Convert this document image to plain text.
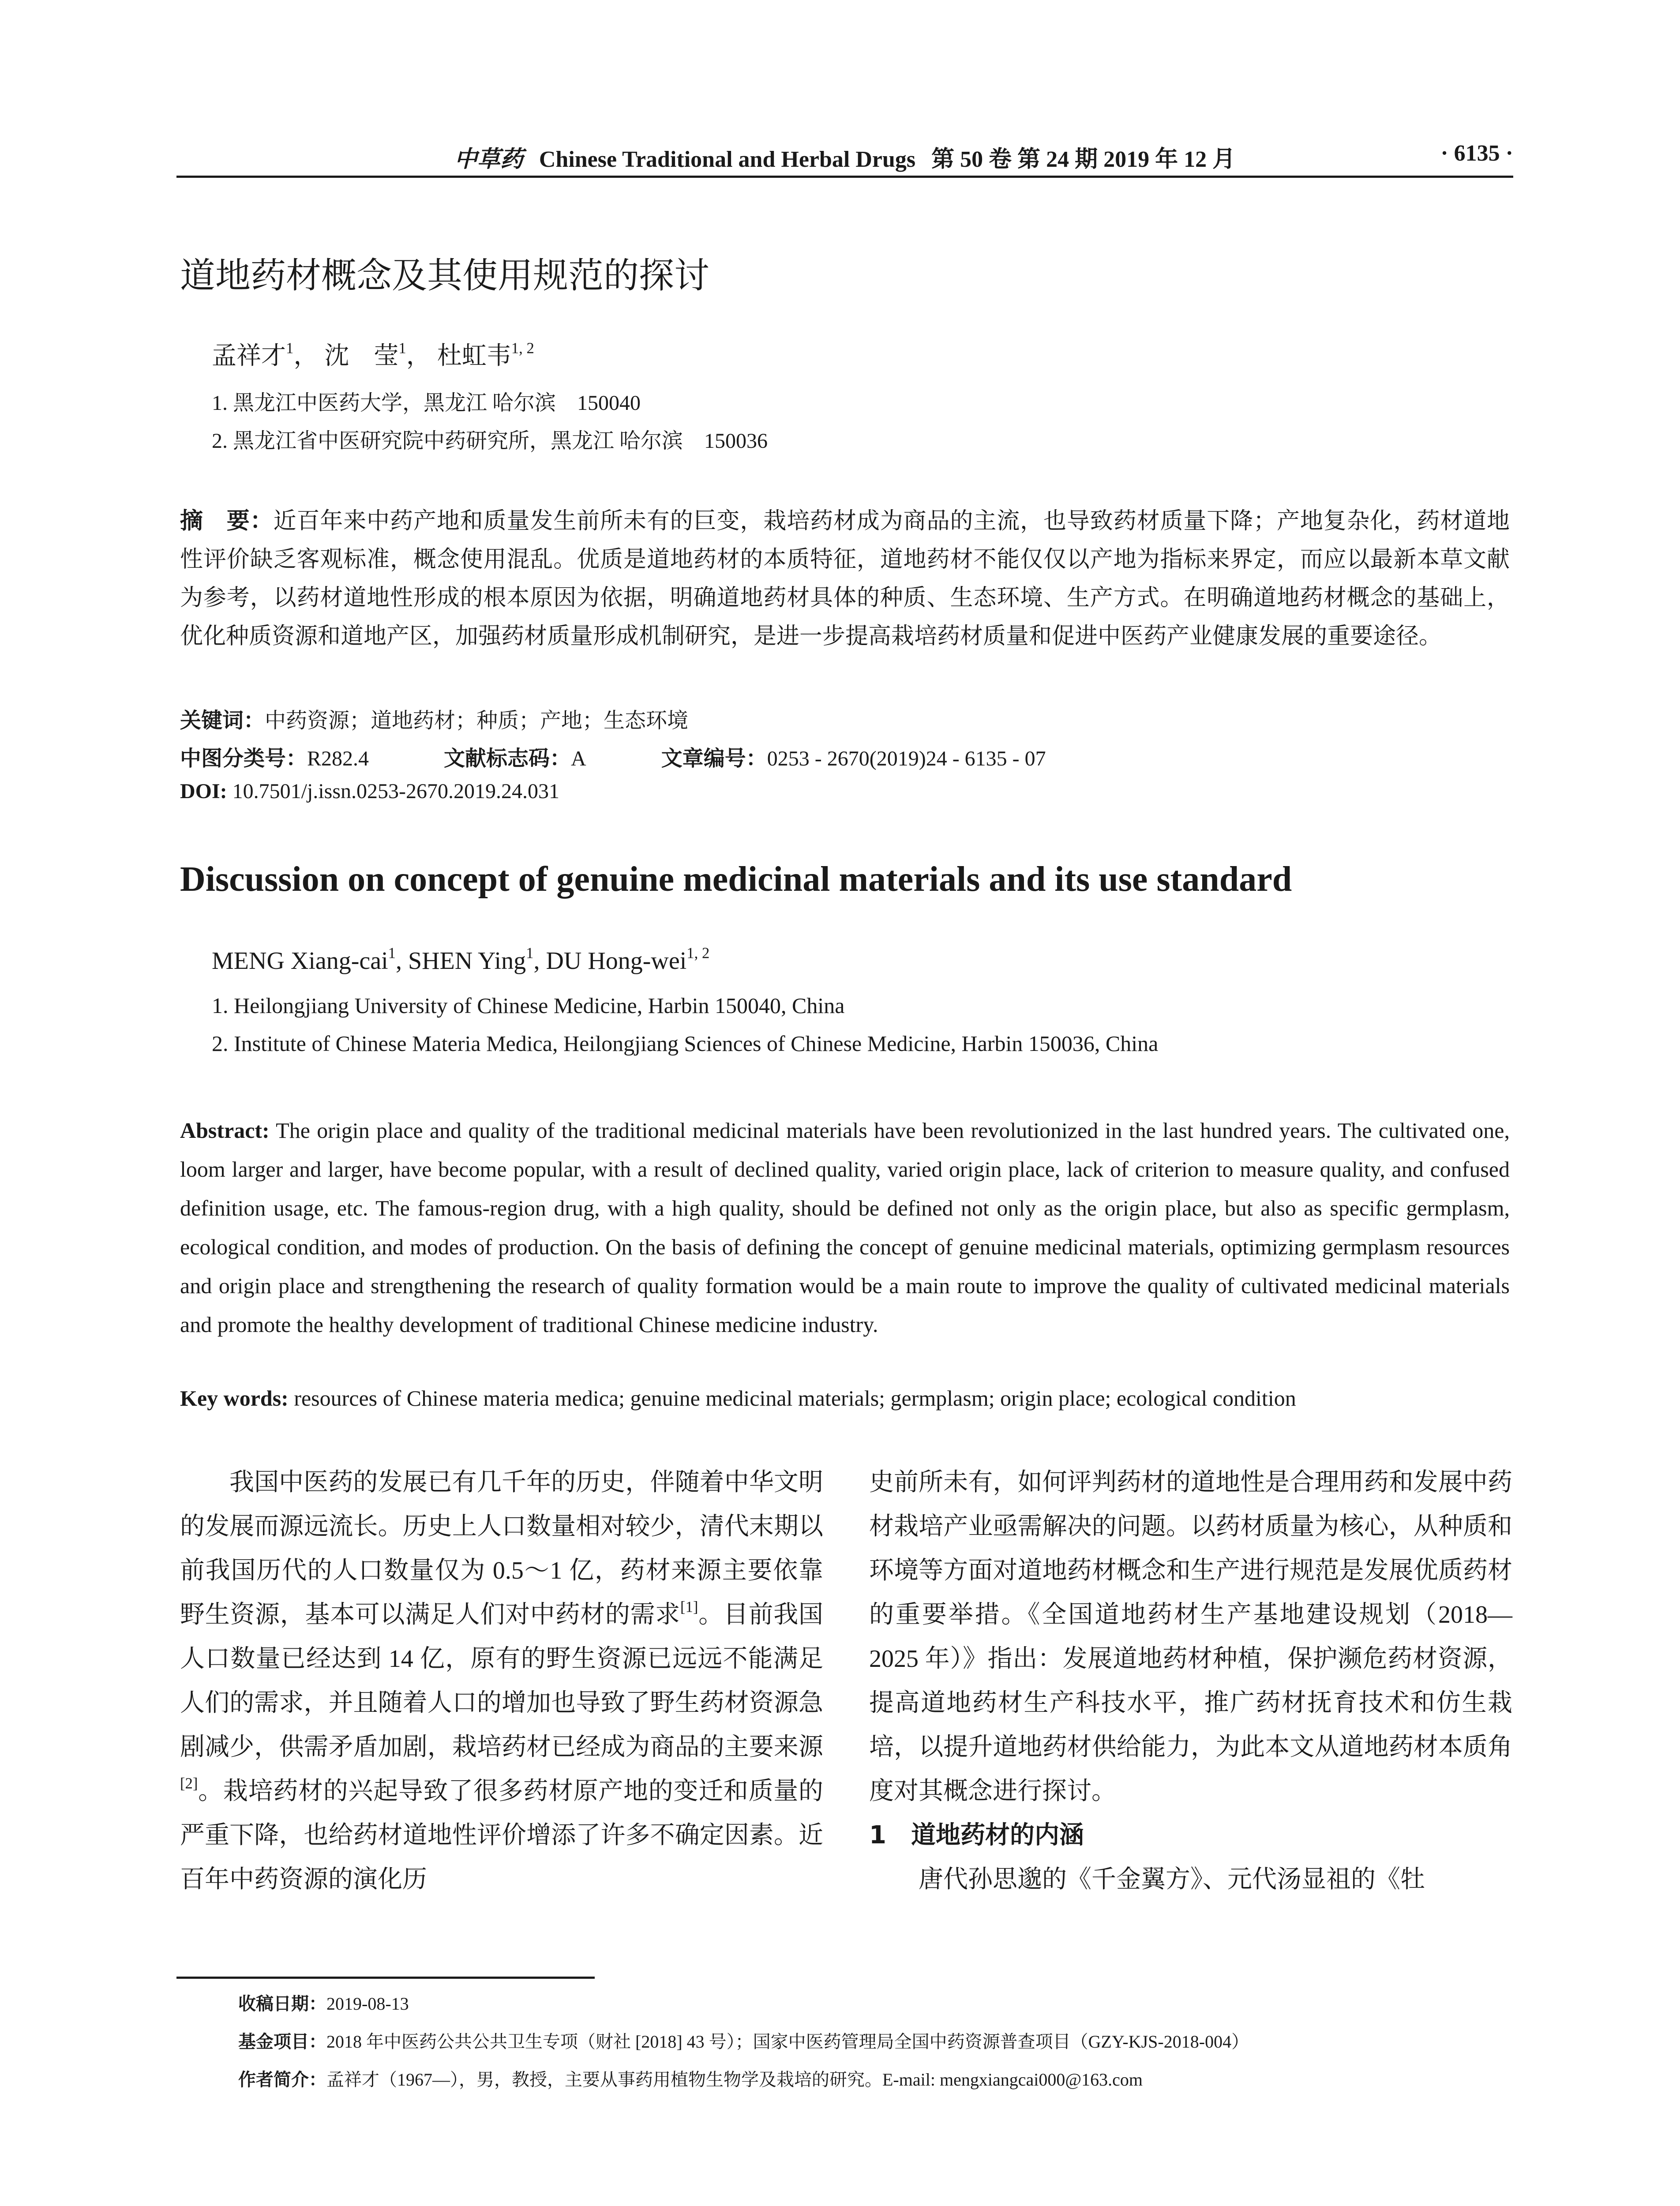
中草药 Chinese Traditional and Herbal Drugs 第 50 卷 第 24 期 2019 年 12 月	· 6135 ·
道地药材概念及其使用规范的探讨
孟祥才$^1$， 沈　莹$^1$， 杜虹韦$^{1, 2}$
1. 黑龙江中医药大学，黑龙江 哈尔滨　150040
2. 黑龙江省中医研究院中药研究所，黑龙江 哈尔滨　150036
摘　要：近百年来中药产地和质量发生前所未有的巨变，栽培药材成为商品的主流，也导致药材质量下降；产地复杂化，药材道地性评价缺乏客观标准，概念使用混乱。优质是道地药材的本质特征，道地药材不能仅仅以产地为指标来界定，而应以最新本草文献为参考，以药材道地性形成的根本原因为依据，明确道地药材具体的种质、生态环境、生产方式。在明确道地药材概念的基础上，优化种质资源和道地产区，加强药材质量形成机制研究，是进一步提高栽培药材质量和促进中医药产业健康发展的重要途径。
关键词：中药资源；道地药材；种质；产地；生态环境
中图分类号：R282.4	文献标志码：A	文章编号：0253 - 2670(2019)24 - 6135 - 07
DOI: 10.7501/j.issn.0253-2670.2019.24.031
Discussion on concept of genuine medicinal materials and its use standard
MENG Xiang-cai$^1$, SHEN Ying$^1$, DU Hong-wei$^{1, 2}$
1. Heilongjiang University of Chinese Medicine, Harbin 150040, China
2. Institute of Chinese Materia Medica, Heilongjiang Sciences of Chinese Medicine, Harbin 150036, China
Abstract: The origin place and quality of the traditional medicinal materials have been revolutionized in the last hundred years. The cultivated one, loom larger and larger, have become popular, with a result of declined quality, varied origin place, lack of criterion to measure quality, and confused definition usage, etc. The famous-region drug, with a high quality, should be defined not only as the origin place, but also as specific germplasm, ecological condition, and modes of production. On the basis of defining the concept of genuine medicinal materials, optimizing germplasm resources and origin place and strengthening the research of quality formation would be a main route to improve the quality of cultivated medicinal materials and promote the healthy development of traditional Chinese medicine industry.
Key words: resources of Chinese materia medica; genuine medicinal materials; germplasm; origin place; ecological condition

我国中医药的发展已有几千年的历史，伴随着中华文明的发展而源远流长。历史上人口数量相对较少，清代末期以前我国历代的人口数量仅为 0.5～1 亿，药材来源主要依靠野生资源，基本可以满足人们对中药材的需求[1]。目前我国人口数量已经达到 14 亿，原有的野生资源已远远不能满足人们的需求，并且随着人口的增加也导致了野生药材资源急剧减少，供需矛盾加剧，栽培药材已经成为商品的主要来源[2]。栽培药材的兴起导致了很多药材原产地的变迁和质量的严重下降，也给药材道地性评价增添了许多不确定因素。近百年中药资源的演化历

史前所未有，如何评判药材的道地性是合理用药和发展中药材栽培产业亟需解决的问题。以药材质量为核心，从种质和环境等方面对道地药材概念和生产进行规范是发展优质药材的重要举措。《全国道地药材生产基地建设规划（2018—2025 年）》指出：发展道地药材种植，保护濒危药材资源，提高道地药材生产科技水平，推广药材抚育技术和仿生栽培，以提升道地药材供给能力，为此本文从道地药材本质角度对其概念进行探讨。

1 道地药材的内涵

唐代孙思邈的《千金翼方》、元代汤显祖的《牡

收稿日期：2019-08-13
基金项目：2018 年中医药公共公共卫生专项（财社 [2018] 43 号）；国家中医药管理局全国中药资源普查项目（GZY-KJS-2018-004）
作者简介：孟祥才（1967—），男，教授，主要从事药用植物生物学及栽培的研究。E-mail: mengxiangcai000@163.com
